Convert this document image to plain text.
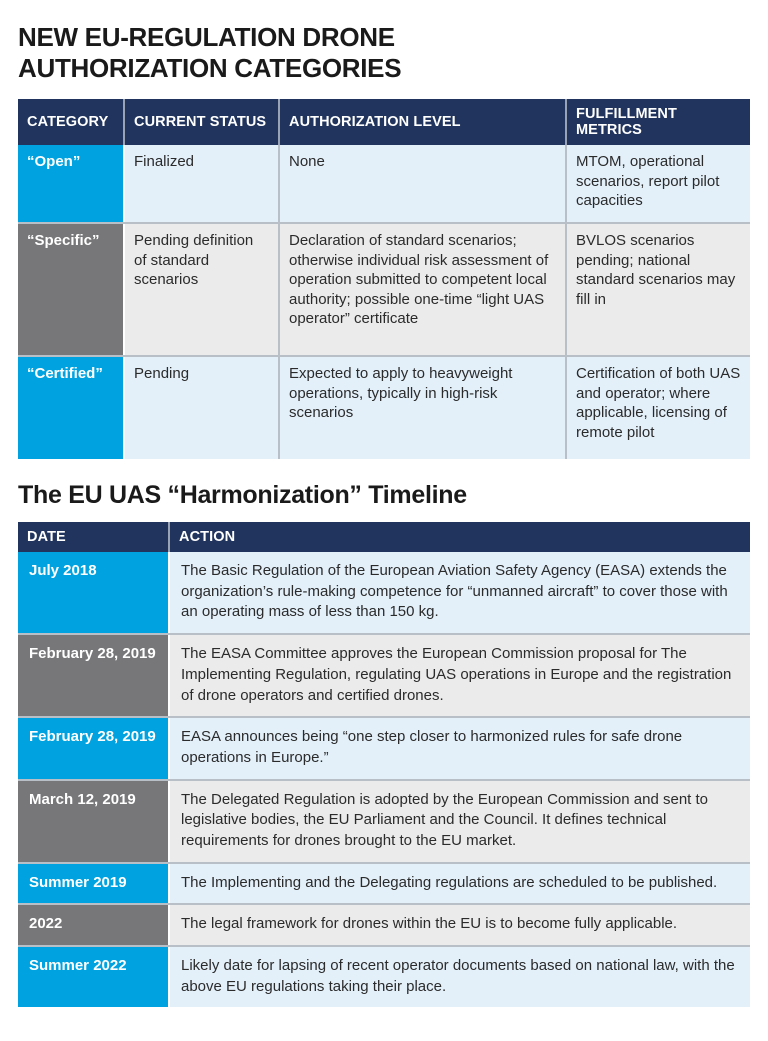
NEW EU-REGULATION DRONE
AUTHORIZATION CATEGORIES
CATEGORY	CURRENT STATUS	AUTHORIZATION LEVEL	FULFILLMENT METRICS
“Open”	Finalized	None	MTOM, operational scenarios, report pilot capacities
“Specific”	Pending definition of standard scenarios	Declaration of standard scenarios; otherwise individual risk assessment of operation submitted to competent local authority; possible one-time “light UAS operator” certificate	BVLOS scenarios pending; national standard scenarios may fill in
“Certified”	Pending	Expected to apply to heavyweight operations, typically in high-risk scenarios	Certification of both UAS and operator; where applicable, licensing of remote pilot
The EU UAS “Harmonization” Timeline
DATE	ACTION
July 2018	The Basic Regulation of the European Aviation Safety Agency (EASA) extends the organization’s rule-making competence for “unmanned aircraft” to cover those with an operating mass of less than 150 kg.
February 28, 2019	The EASA Committee approves the European Commission proposal for The Implementing Regulation, regulating UAS operations in Europe and the registration of drone operators and certified drones.
February 28, 2019	EASA announces being “one step closer to harmonized rules for safe drone operations in Europe.”
March 12, 2019	The Delegated Regulation is adopted by the European Commission and sent to legislative bodies, the EU Parliament and the Council. It defines technical requirements for drones brought to the EU market.
Summer 2019	The Implementing and the Delegating regulations are scheduled to be published.
2022	The legal framework for drones within the EU is to become fully applicable.
Summer 2022	Likely date for lapsing of recent operator documents based on national law, with the above EU regulations taking their place.
